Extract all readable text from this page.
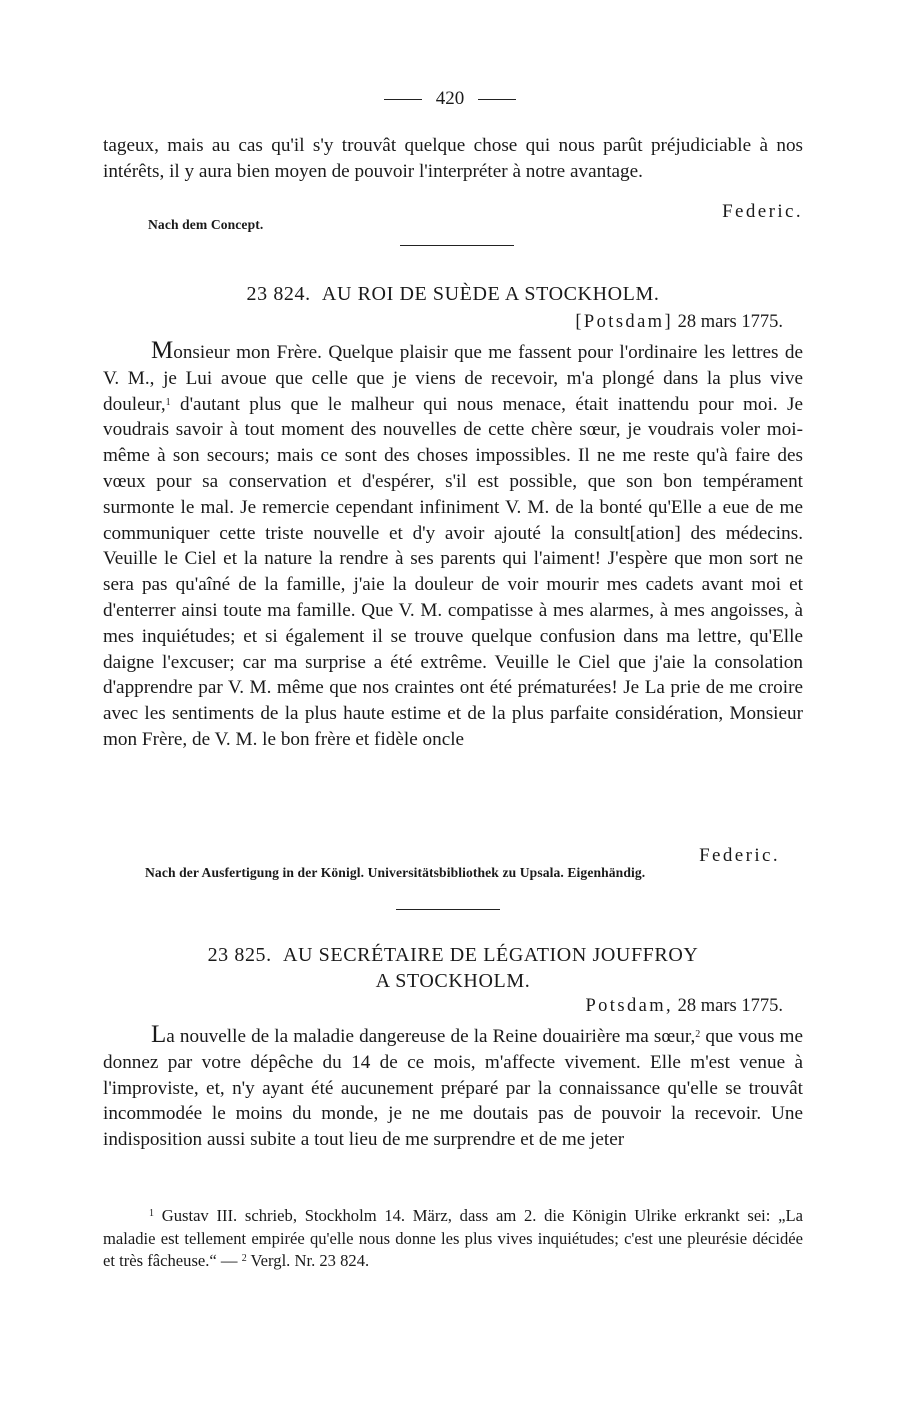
420

tageux, mais au cas qu'il s'y trouvât quelque chose qui nous parût préjudiciable à nos intérêts, il y aura bien moyen de pouvoir l'interpréter à notre avantage.

Nach dem Concept.
Federic.
23 824. AU ROI DE SUÈDE A STOCKHOLM.
[Potsdam] 28 mars 1775.

Monsieur mon Frère. Quelque plaisir que me fassent pour l'ordinaire les lettres de V. M., je Lui avoue que celle que je viens de recevoir, m'a plongé dans la plus vive douleur,$^1$ d'autant plus que le malheur qui nous menace, était inattendu pour moi. Je voudrais savoir à tout moment des nouvelles de cette chère sœur, je voudrais voler moi-même à son secours; mais ce sont des choses impossibles. Il ne me reste qu'à faire des vœux pour sa conservation et d'espérer, s'il est possible, que son bon tempérament surmonte le mal. Je remercie cependant infiniment V. M. de la bonté qu'Elle a eue de me communiquer cette triste nouvelle et d'y avoir ajouté la consult[ation] des médecins. Veuille le Ciel et la nature la rendre à ses parents qui l'aiment! J'espère que mon sort ne sera pas qu'aîné de la famille, j'aie la douleur de voir mourir mes cadets avant moi et d'enterrer ainsi toute ma famille. Que V. M. compatisse à mes alarmes, à mes angoisses, à mes inquiétudes; et si également il se trouve quelque confusion dans ma lettre, qu'Elle daigne l'excuser; car ma surprise a été extrême. Veuille le Ciel que j'aie la consolation d'apprendre par V. M. même que nos craintes ont été prématurées! Je La prie de me croire avec les sentiments de la plus haute estime et de la plus parfaite considération, Monsieur mon Frère, de V. M. le bon frère et fidèle oncle

Federic.
Nach der Ausfertigung in der Königl. Universitätsbibliothek zu Upsala. Eigenhändig.
23 825. AU SECRÉTAIRE DE LÉGATION JOUFFROY
A STOCKHOLM.
Potsdam, 28 mars 1775.

La nouvelle de la maladie dangereuse de la Reine douairière ma sœur,$^2$ que vous me donnez par votre dépêche du 14 de ce mois, m'affecte vivement. Elle m'est venue à l'improviste, et, n'y ayant été aucunement préparé par la connaissance qu'elle se trouvât incommodée le moins du monde, je ne me doutais pas de pouvoir la recevoir. Une indisposition aussi subite a tout lieu de me surprendre et de me jeter

$^1$ Gustav III. schrieb, Stockholm 14. März, dass am 2. die Königin Ulrike erkrankt sei: „La maladie est tellement empirée qu'elle nous donne les plus vives inquiétudes; c'est une pleurésie décidée et très fâcheuse.“ — $^2$ Vergl. Nr. 23 824.
